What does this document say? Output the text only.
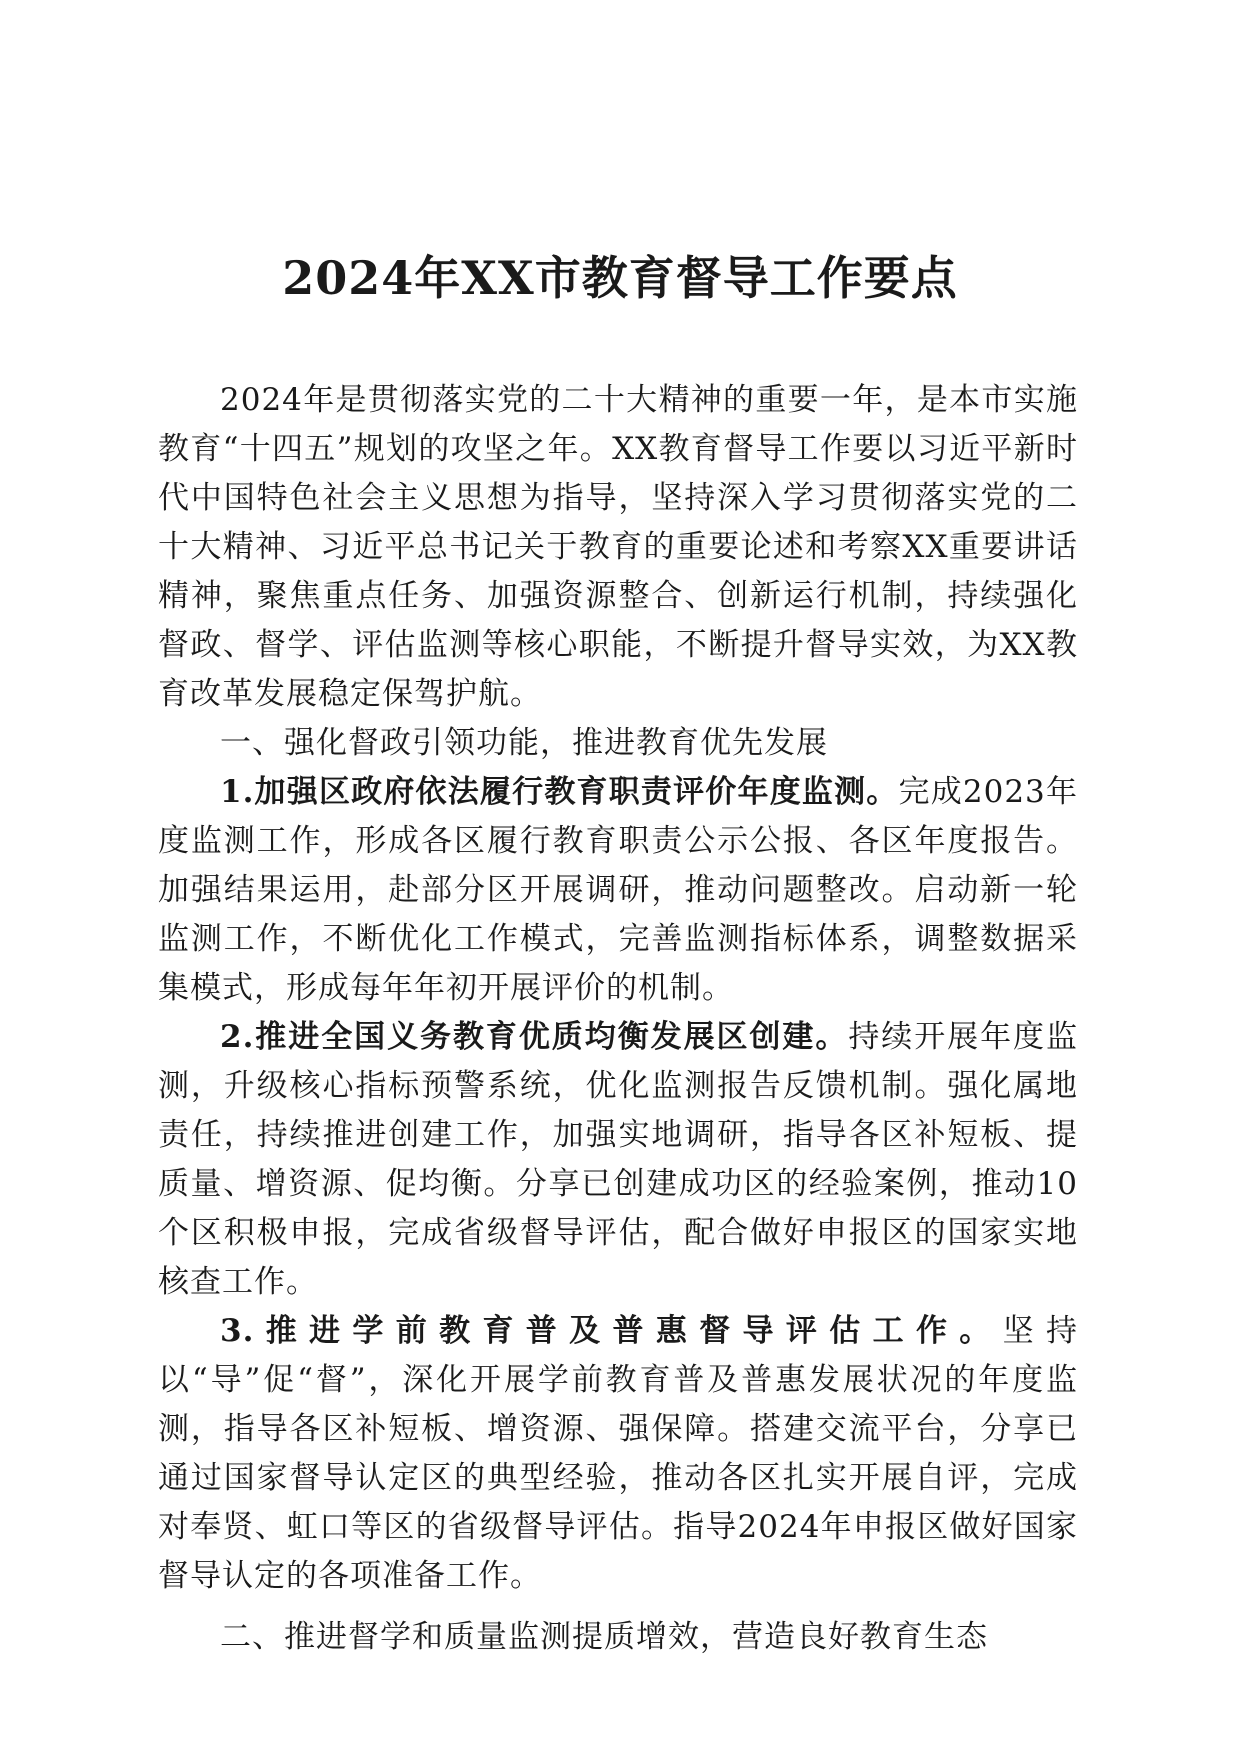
2024年XX市教育督导工作要点

2024年是贯彻落实党的二十大精神的重要一年，是本市实施教育“十四五”规划的攻坚之年。XX教育督导工作要以习近平新时代中国特色社会主义思想为指导，坚持深入学习贯彻落实党的二十大精神、习近平总书记关于教育的重要论述和考察XX重要讲话精神，聚焦重点任务、加强资源整合、创新运行机制，持续强化督政、督学、评估监测等核心职能，不断提升督导实效，为XX教育改革发展稳定保驾护航。

一、强化督政引领功能，推进教育优先发展

1.加强区政府依法履行教育职责评价年度监测。完成2023年度监测工作，形成各区履行教育职责公示公报、各区年度报告。加强结果运用，赴部分区开展调研，推动问题整改。启动新一轮监测工作，不断优化工作模式，完善监测指标体系，调整数据采集模式，形成每年年初开展评价的机制。

2.推进全国义务教育优质均衡发展区创建。持续开展年度监测，升级核心指标预警系统，优化监测报告反馈机制。强化属地责任，持续推进创建工作，加强实地调研，指导各区补短板、提质量、增资源、促均衡。分享已创建成功区的经验案例，推动10个区积极申报，完成省级督导评估，配合做好申报区的国家实地核查工作。

3.推进学前教育普及普惠督导评估工作。坚持以“导”促“督”，深化开展学前教育普及普惠发展状况的年度监测，指导各区补短板、增资源、强保障。搭建交流平台，分享已通过国家督导认定区的典型经验，推动各区扎实开展自评，完成对奉贤、虹口等区的省级督导评估。指导2024年申报区做好国家督导认定的各项准备工作。

二、推进督学和质量监测提质增效，营造良好教育生态
